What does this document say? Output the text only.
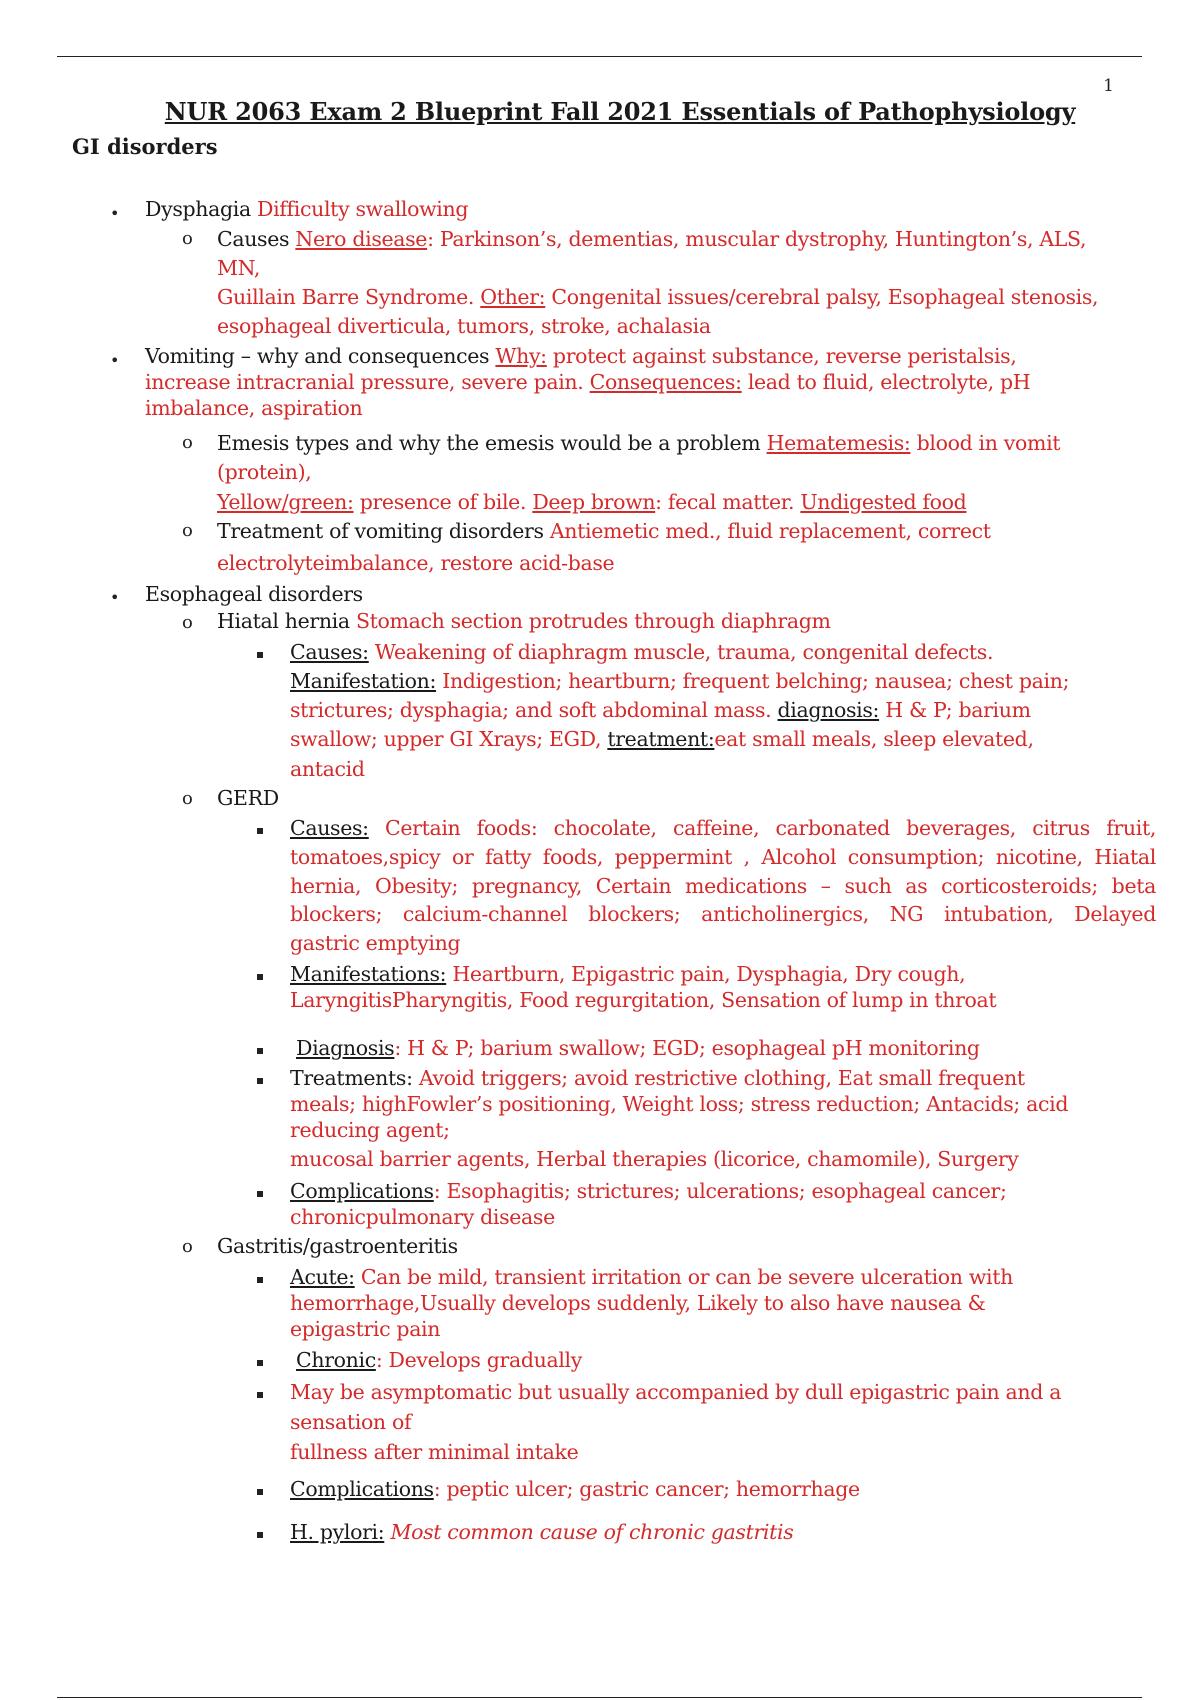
1
NUR 2063 Exam 2 Blueprint Fall 2021 Essentials of Pathophysiology
GI disorders
• Dysphagia Difficulty swallowing
o Causes Nero disease: Parkinson’s, dementias, muscular dystrophy, Huntington’s, ALS,
MN,
Guillain Barre Syndrome. Other: Congenital issues/cerebral palsy, Esophageal stenosis,
esophageal diverticula, tumors, stroke, achalasia
• Vomiting – why and consequences Why: protect against substance, reverse peristalsis,
increase intracranial pressure, severe pain. Consequences: lead to fluid, electrolyte, pH
imbalance, aspiration
o Emesis types and why the emesis would be a problem Hematemesis: blood in vomit
(protein),
Yellow/green: presence of bile. Deep brown: fecal matter. Undigested food
o Treatment of vomiting disorders Antiemetic med., fluid replacement, correct
electrolyteimbalance, restore acid-base
• Esophageal disorders
o Hiatal hernia Stomach section protrudes through diaphragm
Causes: Weakening of diaphragm muscle, trauma, congenital defects.
Manifestation: Indigestion; heartburn; frequent belching; nausea; chest pain;
strictures; dysphagia; and soft abdominal mass. diagnosis: H & P; barium
swallow; upper GI Xrays; EGD, treatment:eat small meals, sleep elevated,
antacid
o GERD
Causes: Certain foods: chocolate, caffeine, carbonated beverages, citrus fruit,
tomatoes,spicy or fatty foods, peppermint , Alcohol consumption; nicotine, Hiatal
hernia, Obesity; pregnancy, Certain medications – such as corticosteroids; beta
blockers; calcium-channel blockers; anticholinergics, NG intubation, Delayed
gastric emptying
Manifestations: Heartburn, Epigastric pain, Dysphagia, Dry cough,
LaryngitisPharyngitis, Food regurgitation, Sensation of lump in throat
Diagnosis: H & P; barium swallow; EGD; esophageal pH monitoring
Treatments: Avoid triggers; avoid restrictive clothing, Eat small frequent
meals; highFowler’s positioning, Weight loss; stress reduction; Antacids; acid
reducing agent;
mucosal barrier agents, Herbal therapies (licorice, chamomile), Surgery
Complications: Esophagitis; strictures; ulcerations; esophageal cancer;
chronicpulmonary disease
o Gastritis/gastroenteritis
Acute: Can be mild, transient irritation or can be severe ulceration with
hemorrhage,Usually develops suddenly, Likely to also have nausea &
epigastric pain
Chronic: Develops gradually
May be asymptomatic but usually accompanied by dull epigastric pain and a
sensation of
fullness after minimal intake
Complications: peptic ulcer; gastric cancer; hemorrhage
H. pylori: Most common cause of chronic gastritis
